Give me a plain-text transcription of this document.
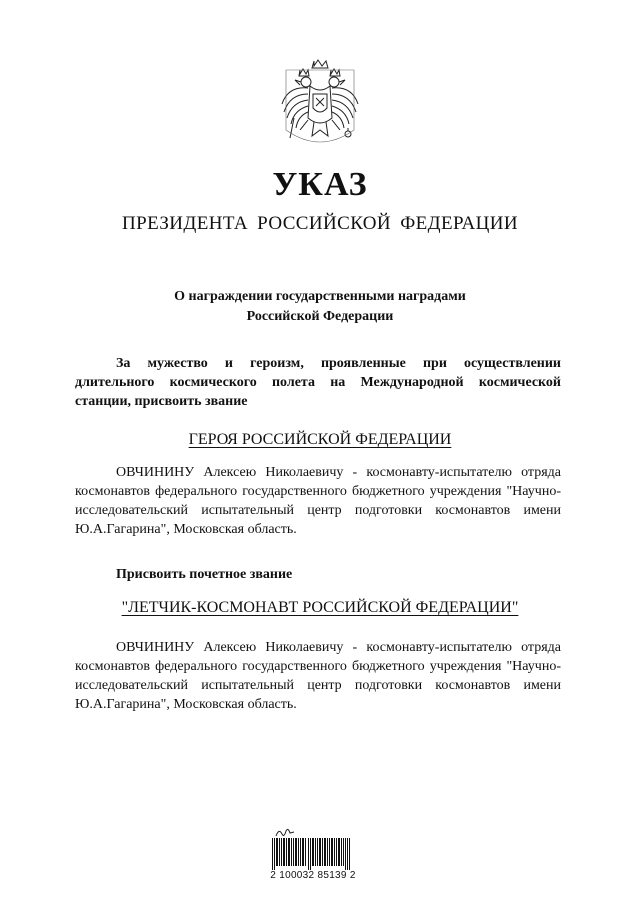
УКАЗ
ПРЕЗИДЕНТА РОССИЙСКОЙ ФЕДЕРАЦИИ
О награждении государственными наградами
Российской Федерации
За мужество и героизм, проявленные при осуществлении длительного космического полета на Международной космической станции, присвоить звание
ГЕРОЯ РОССИЙСКОЙ ФЕДЕРАЦИИ
ОВЧИНИНУ Алексею Николаевичу - космонавту-испытателю отряда космонавтов федерального государственного бюджетного учреждения "Научно-исследовательский испытательный центр подготовки космонавтов имени Ю.А.Гагарина", Московская область.
Присвоить почетное звание
"ЛЕТЧИК-КОСМОНАВТ РОССИЙСКОЙ ФЕДЕРАЦИИ"
ОВЧИНИНУ Алексею Николаевичу - космонавту-испытателю отряда космонавтов федерального государственного бюджетного учреждения "Научно-исследовательский испытательный центр подготовки космонавтов имени Ю.А.Гагарина", Московская область.
2 100032 85139 2
